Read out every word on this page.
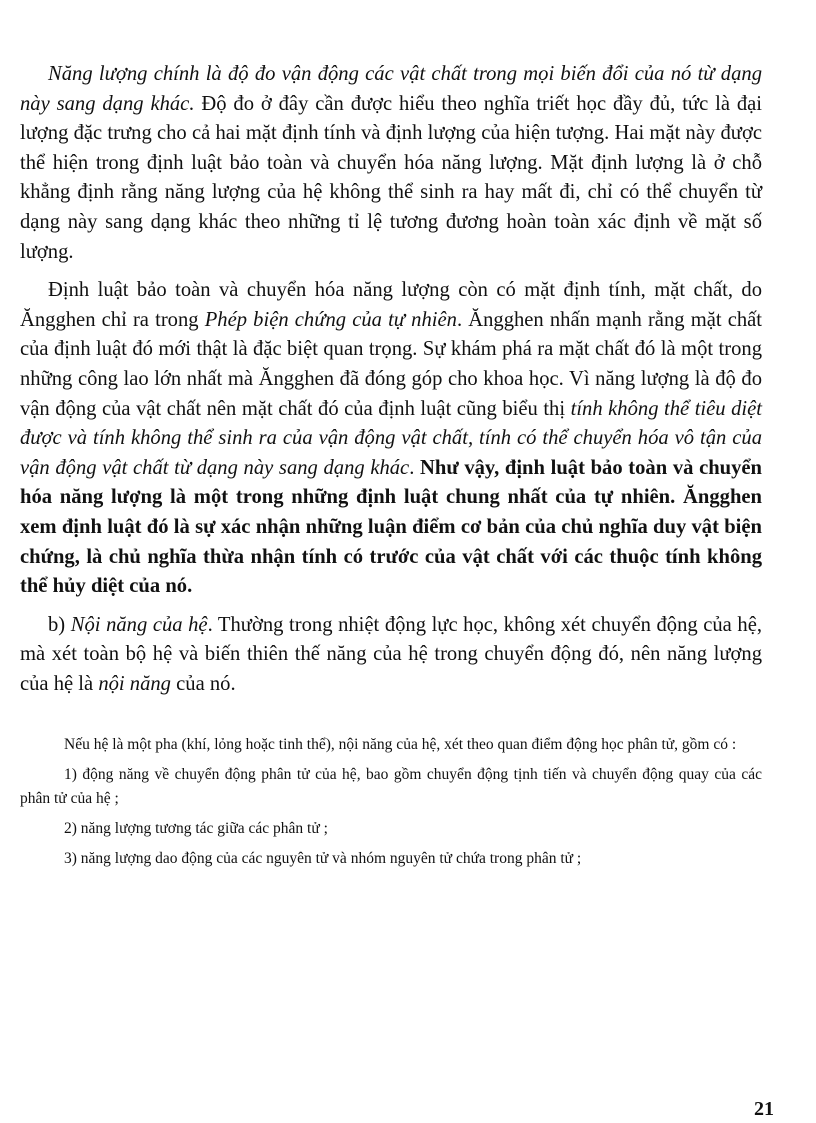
Năng lượng chính là độ đo vận động các vật chất trong mọi biến đổi của nó từ dạng này sang dạng khác. Độ đo ở đây cần được hiểu theo nghĩa triết học đầy đủ, tức là đại lượng đặc trưng cho cả hai mặt định tính và định lượng của hiện tượng. Hai mặt này được thể hiện trong định luật bảo toàn và chuyển hóa năng lượng. Mặt định lượng là ở chỗ khẳng định rằng năng lượng của hệ không thể sinh ra hay mất đi, chỉ có thể chuyển từ dạng này sang dạng khác theo những tỉ lệ tương đương hoàn toàn xác định về mặt số lượng.

Định luật bảo toàn và chuyển hóa năng lượng còn có mặt định tính, mặt chất, do Ăngghen chỉ ra trong Phép biện chứng của tự nhiên. Ăngghen nhấn mạnh rằng mặt chất của định luật đó mới thật là đặc biệt quan trọng. Sự khám phá ra mặt chất đó là một trong những công lao lớn nhất mà Ăngghen đã đóng góp cho khoa học. Vì năng lượng là độ đo vận động của vật chất nên mặt chất đó của định luật cũng biểu thị tính không thể tiêu diệt được và tính không thể sinh ra của vận động vật chất, tính có thể chuyển hóa vô tận của vận động vật chất từ dạng này sang dạng khác. Như vậy, định luật bảo toàn và chuyển hóa năng lượng là một trong những định luật chung nhất của tự nhiên. Ăngghen xem định luật đó là sự xác nhận những luận điểm cơ bản của chủ nghĩa duy vật biện chứng, là chủ nghĩa thừa nhận tính có trước của vật chất với các thuộc tính không thể hủy diệt của nó.

b) Nội năng của hệ. Thường trong nhiệt động lực học, không xét chuyển động của hệ, mà xét toàn bộ hệ và biến thiên thế năng của hệ trong chuyển động đó, nên năng lượng của hệ là nội năng của nó.

Nếu hệ là một pha (khí, lỏng hoặc tinh thể), nội năng của hệ, xét theo quan điểm động học phân tử, gồm có :

1) động năng về chuyển động phân tử của hệ, bao gồm chuyển động tịnh tiến và chuyển động quay của các phân tử của hệ ;

2) năng lượng tương tác giữa các phân tử ;

3) năng lượng dao động của các nguyên tử và nhóm nguyên tử chứa trong phân tử ;

21
